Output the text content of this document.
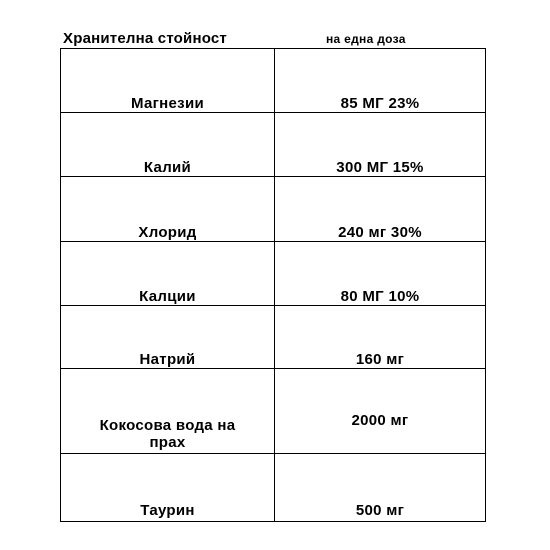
Хранителна стойност	на една доза
Магнезии	85 МГ 23%

Калий	300 МГ 15%

Хлорид	240 мг 30%

Калции	80 МГ 10%

Натрий	160 мг

Кокосова вода на прах	2000 мг

Таурин	500 мг
